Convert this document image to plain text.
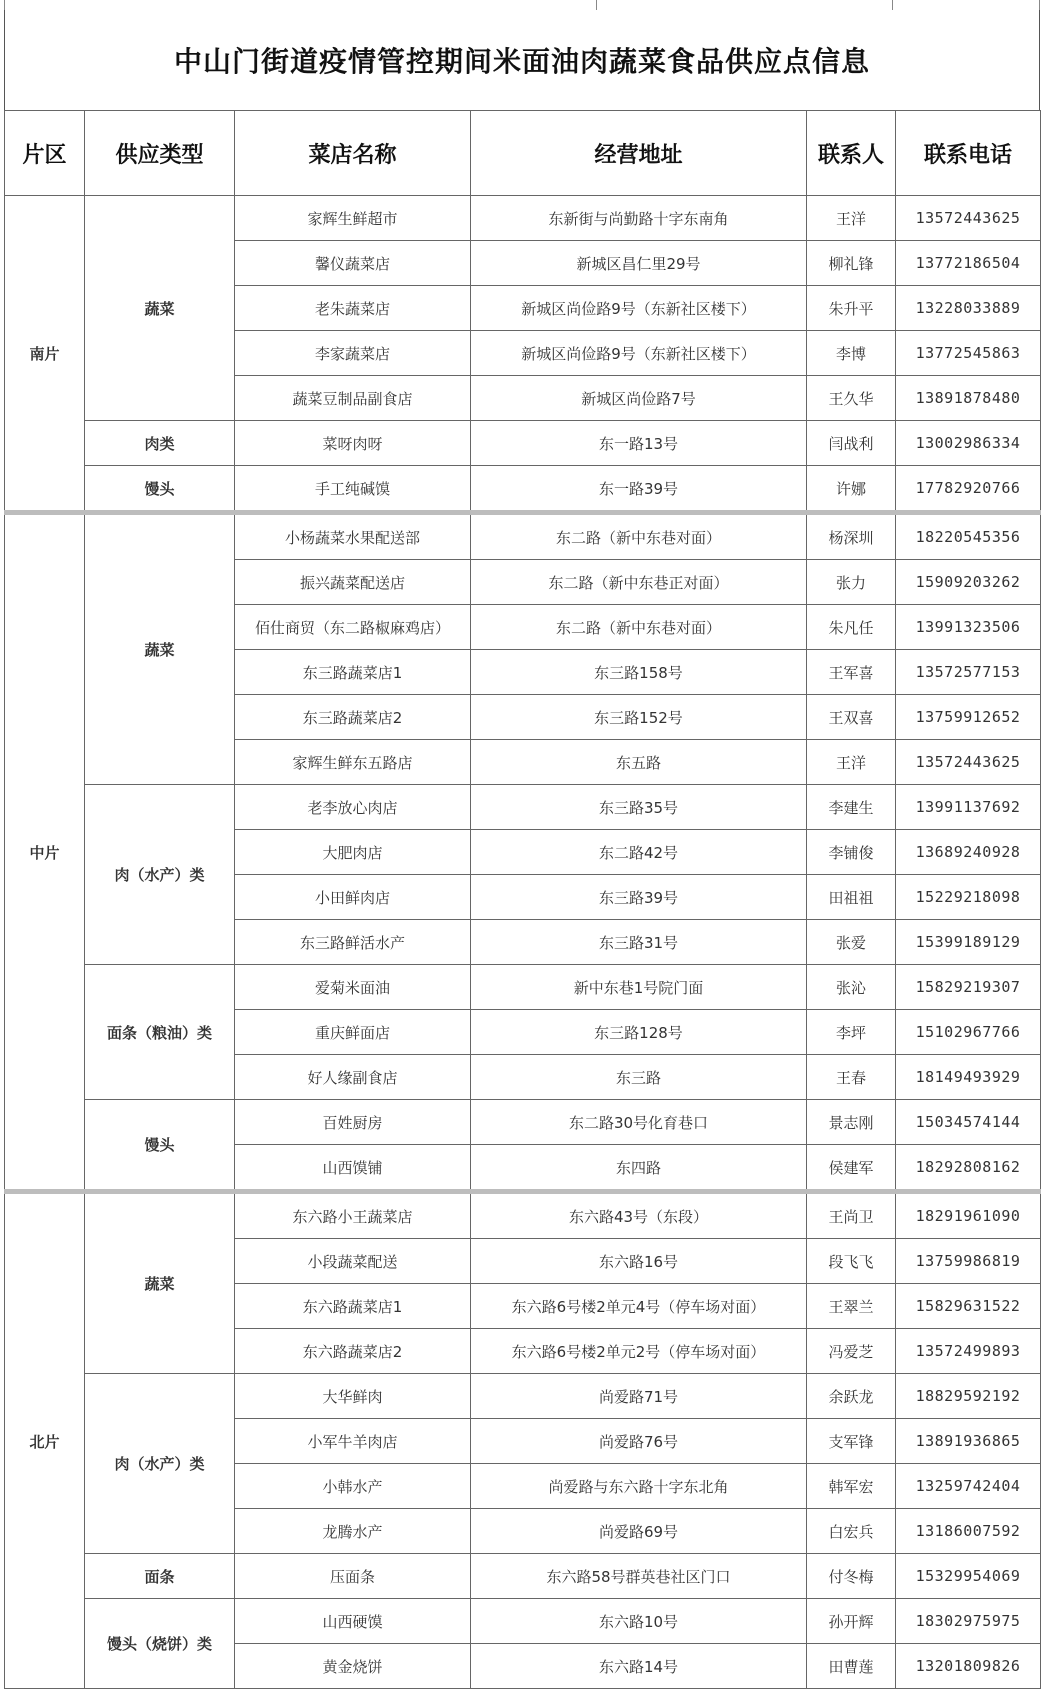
中山门街道疫情管控期间米面油肉蔬菜食品供应点信息
片区	供应类型	菜店名称	经营地址	联系人	联系电话
南片	蔬菜	家辉生鲜超市	东新街与尚勤路十字东南角	王洋	13572443625
		馨仪蔬菜店	新城区昌仁里29号	柳礼锋	13772186504
		老朱蔬菜店	新城区尚俭路9号（东新社区楼下）	朱升平	13228033889
		李家蔬菜店	新城区尚俭路9号（东新社区楼下）	李博	13772545863
		蔬菜豆制品副食店	新城区尚俭路7号	王久华	13891878480
	肉类	菜呀肉呀	东一路13号	闫战利	13002986334
	馒头	手工纯碱馍	东一路39号	许娜	17782920766
中片	蔬菜	小杨蔬菜水果配送部	东二路（新中东巷对面）	杨深圳	18220545356
		振兴蔬菜配送店	东二路（新中东巷正对面）	张力	15909203262
		佰仕商贸（东二路椒麻鸡店）	东二路（新中东巷对面）	朱凡任	13991323506
		东三路蔬菜店1	东三路158号	王军喜	13572577153
		东三路蔬菜店2	东三路152号	王双喜	13759912652
		家辉生鲜东五路店	东五路	王洋	13572443625
	肉（水产）类	老李放心肉店	东三路35号	李建生	13991137692
		大肥肉店	东二路42号	李铺俊	13689240928
		小田鲜肉店	东三路39号	田祖祖	15229218098
		东三路鲜活水产	东三路31号	张爱	15399189129
	面条（粮油）类	爱菊米面油	新中东巷1号院门面	张沁	15829219307
		重庆鲜面店	东三路128号	李坪	15102967766
		好人缘副食店	东三路	王春	18149493929
	馒头	百姓厨房	东二路30号化育巷口	景志刚	15034574144
		山西馍铺	东四路	侯建军	18292808162
北片	蔬菜	东六路小王蔬菜店	东六路43号（东段）	王尚卫	18291961090
		小段蔬菜配送	东六路16号	段飞飞	13759986819
		东六路蔬菜店1	东六路6号楼2单元4号（停车场对面）	王翠兰	15829631522
		东六路蔬菜店2	东六路6号楼2单元2号（停车场对面）	冯爱芝	13572499893
	肉（水产）类	大华鲜肉	尚爱路71号	余跃龙	18829592192
		小军牛羊肉店	尚爱路76号	支军锋	13891936865
		小韩水产	尚爱路与东六路十字东北角	韩军宏	13259742404
		龙腾水产	尚爱路69号	白宏兵	13186007592
	面条	压面条	东六路58号群英巷社区门口	付冬梅	15329954069
	馒头（烧饼）类	山西硬馍	东六路10号	孙开辉	18302975975
		黄金烧饼	东六路14号	田曹莲	13201809826
